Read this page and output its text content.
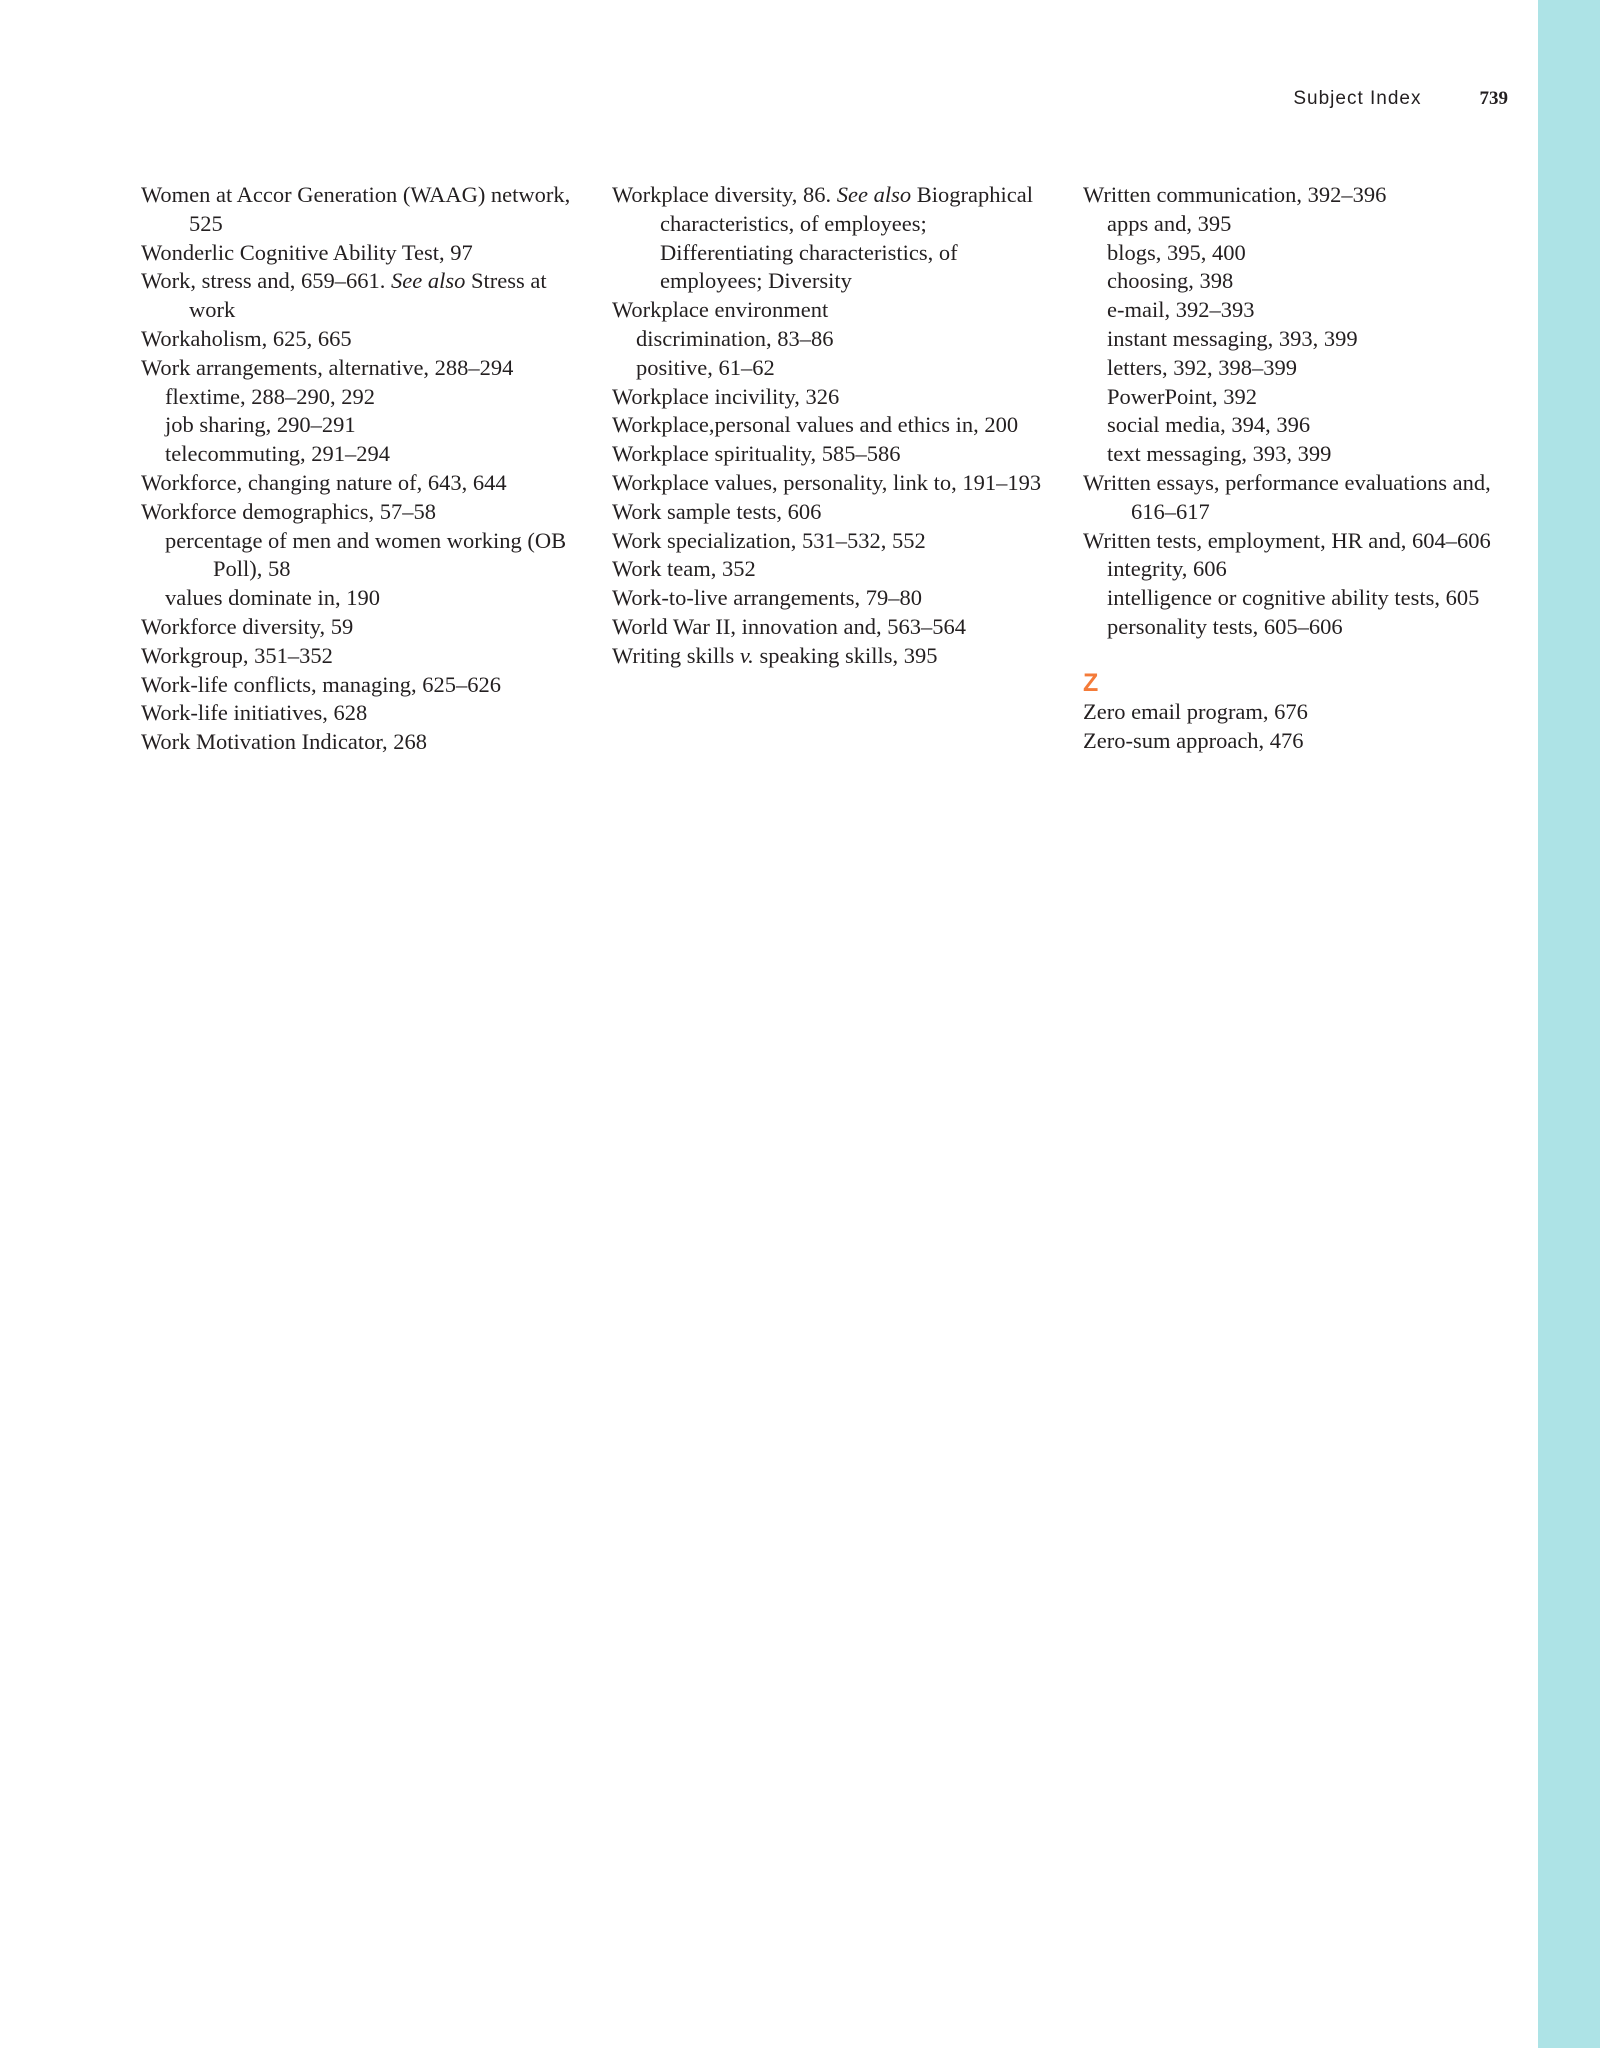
Subject Index	739

Women at Accor Generation (WAAG) network, 525

Wonderlic Cognitive Ability Test, 97

Work, stress and, 659–661. See also Stress at work

Workaholism, 625, 665

Work arrangements, alternative, 288–294

flextime, 288–290, 292

job sharing, 290–291

telecommuting, 291–294

Workforce, changing nature of, 643, 644

Workforce demographics, 57–58

percentage of men and women working (OB Poll), 58

values dominate in, 190

Workforce diversity, 59

Workgroup, 351–352

Work-life conflicts, managing, 625–626

Work-life initiatives, 628

Work Motivation Indicator, 268

Workplace diversity, 86. See also Biographical characteristics, of employees; Differentiating characteristics, of employees; Diversity

Workplace environment

discrimination, 83–86

positive, 61–62

Workplace incivility, 326

Workplace,personal values and ethics in, 200

Workplace spirituality, 585–586

Workplace values, personality, link to, 191–193

Work sample tests, 606

Work specialization, 531–532, 552

Work team, 352

Work-to-live arrangements, 79–80

World War II, innovation and, 563–564

Writing skills v. speaking skills, 395

Written communication, 392–396

apps and, 395

blogs, 395, 400

choosing, 398

e-mail, 392–393

instant messaging, 393, 399

letters, 392, 398–399

PowerPoint, 392

social media, 394, 396

text messaging, 393, 399

Written essays, performance evaluations and, 616–617

Written tests, employment, HR and, 604–606

integrity, 606

intelligence or cognitive ability tests, 605

personality tests, 605–606

Z

Zero email program, 676

Zero-sum approach, 476
